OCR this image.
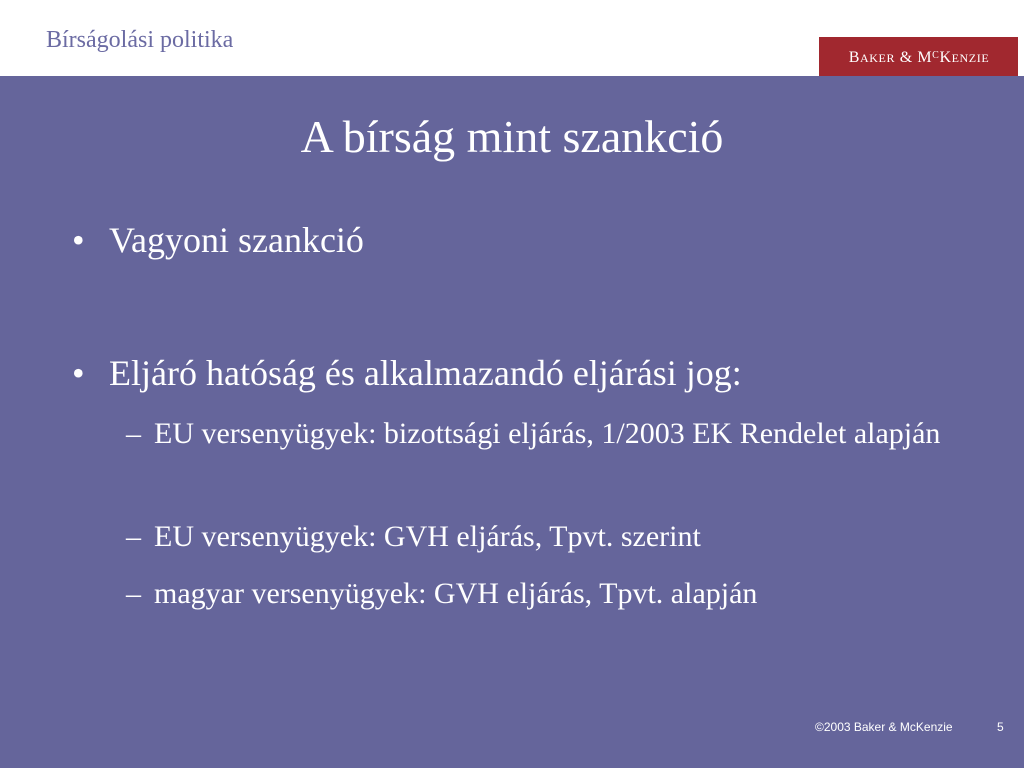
Bírságolási politika
BAKER & $M^CKENZIE$
A bírság mint szankció
• Vagyoni szankció
• Eljáró hatóság és alkalmazandó eljárási jog:
– EU versenyügyek: bizottsági eljárás, 1/2003 EK Rendelet alapján
– EU versenyügyek: GVH eljárás, Tpvt. szerint
– magyar versenyügyek: GVH eljárás, Tpvt. alapján
©2003 Baker & McKenzie	5
